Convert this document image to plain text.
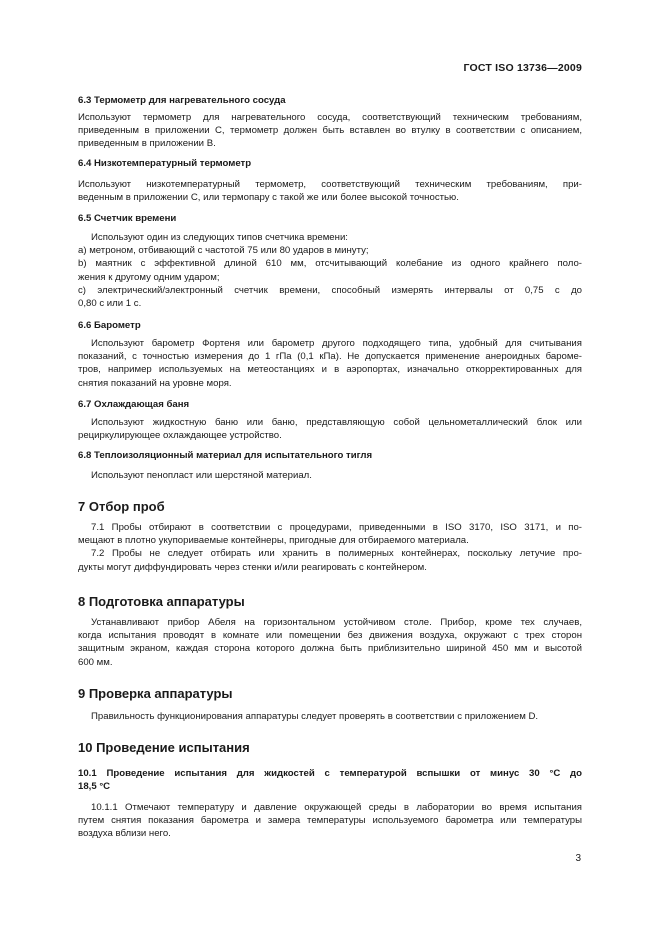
ГОСТ ISO 13736—2009
6.3 Термометр для нагревательного сосуда
Используют термометр для нагревательного сосуда, соответствующий техническим требованиям,
приведенным в приложении С, термометр должен быть вставлен во втулку в соответствии с описанием,
приведенным в приложении В.
6.4 Низкотемпературный термометр
Используют низкотемпературный термометр, соответствующий техническим требованиям, при-
веденным в приложении С, или термопару с такой же или более высокой точностью.
6.5 Счетчик времени
Используют один из следующих типов счетчика времени:
а) метроном, отбивающий с частотой 75 или 80 ударов в минуту;
b) маятник с эффективной длиной 610 мм, отсчитывающий колебание из одного крайнего поло-
жения к другому одним ударом;
с) электрический/электронный счетчик времени, способный измерять интервалы от 0,75 с до
0,80 с или 1 с.
6.6 Барометр
Используют барометр Фортеня или барометр другого подходящего типа, удобный для считывания
показаний, с точностью измерения до 1 гПа (0,1 кПа). Не допускается применение анероидных бароме-
тров, например используемых на метеостанциях и в аэропортах, изначально откорректированных для
снятия показаний на уровне моря.
6.7 Охлаждающая баня
Используют жидкостную баню или баню, представляющую собой цельнометаллический блок или
рециркулирующее охлаждающее устройство.
6.8 Теплоизоляционный материал для испытательного тигля
Используют пенопласт или шерстяной материал.
7 Отбор проб
7.1 Пробы отбирают в соответствии с процедурами, приведенными в ISO 3170, ISO 3171, и по-
мещают в плотно укупориваемые контейнеры, пригодные для отбираемого материала.
7.2 Пробы не следует отбирать или хранить в полимерных контейнерах, поскольку летучие про-
дукты могут диффундировать через стенки и/или реагировать с контейнером.
8 Подготовка аппаратуры
Устанавливают прибор Абеля на горизонтальном устойчивом столе. Прибор, кроме тех случаев,
когда испытания проводят в комнате или помещении без движения воздуха, окружают с трех сторон
защитным экраном, каждая сторона которого должна быть приблизительно шириной 450 мм и высотой
600 мм.
9 Проверка аппаратуры
Правильность функционирования аппаратуры следует проверять в соответствии с приложением D.
10 Проведение испытания
10.1 Проведение испытания для жидкостей с температурой вспышки от минус 30 °С до
18,5 °С
10.1.1 Отмечают температуру и давление окружающей среды в лаборатории во время испытания
путем снятия показания барометра и замера температуры используемого барометра или температуры
воздуха вблизи него.
3
